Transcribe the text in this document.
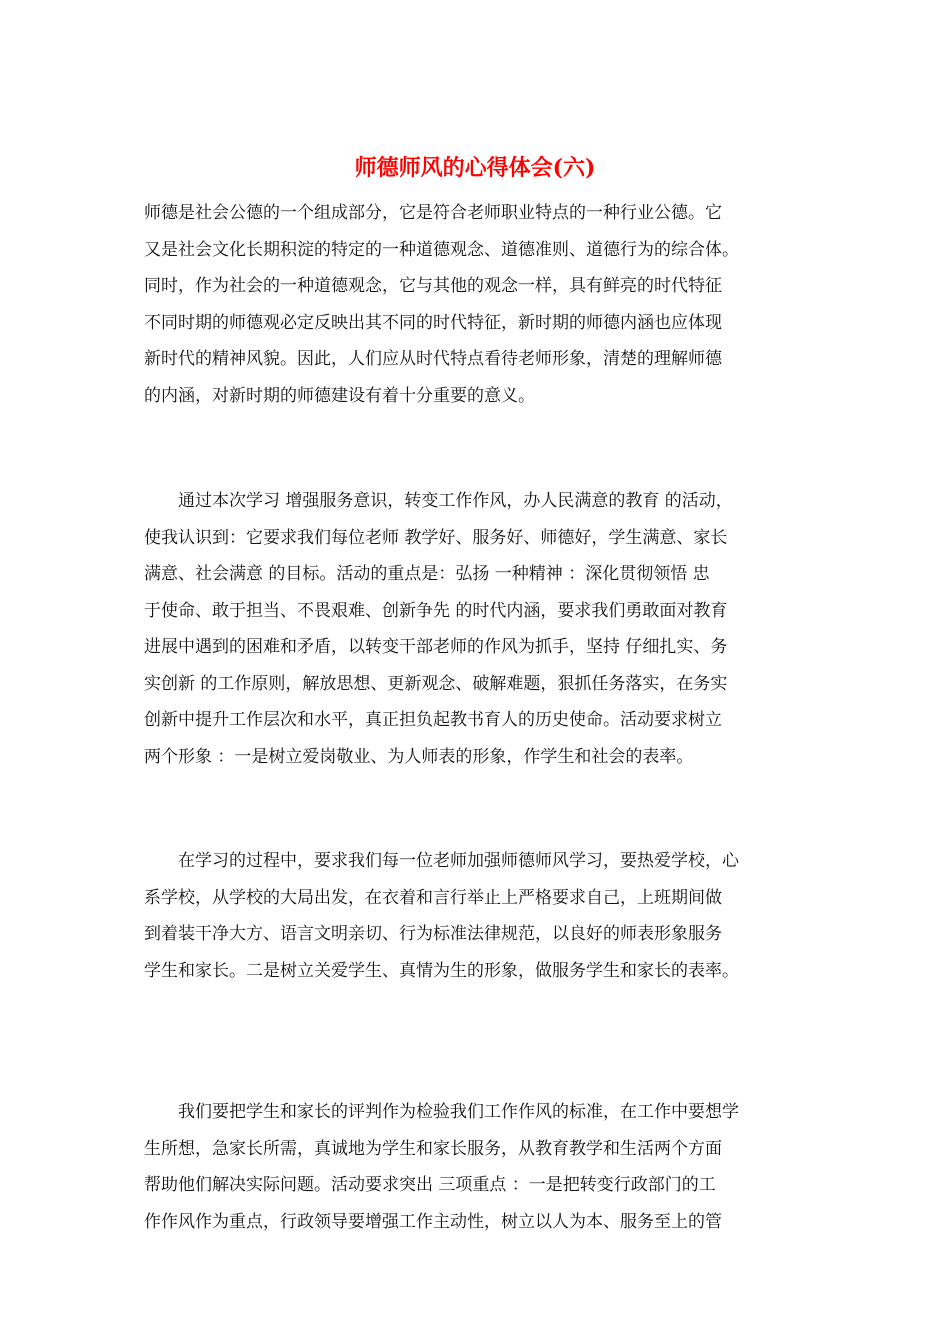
师德师风的心得体会(六)

师德是社会公德的一个组成部分，它是符合老师职业特点的一种行业公德。它
又是社会文化长期积淀的特定的一种道德观念、道德准则、道德行为的综合体。
同时，作为社会的一种道德观念，它与其他的观念一样，具有鲜亮的时代特征
不同时期的师德观必定反映出其不同的时代特征，新时期的师德内涵也应体现
新时代的精神风貌。因此，人们应从时代特点看待老师形象，清楚的理解师德
的内涵，对新时期的师德建设有着十分重要的意义。

　　通过本次学习 增强服务意识，转变工作作风，办人民满意的教育 的活动，
使我认识到：它要求我们每位老师 教学好、服务好、师德好，学生满意、家长
满意、社会满意 的目标。活动的重点是：弘扬 一种精神 ：深化贯彻领悟 忠
于使命、敢于担当、不畏艰难、创新争先 的时代内涵，要求我们勇敢面对教育
进展中遇到的困难和矛盾，以转变干部老师的作风为抓手，坚持 仔细扎实、务
实创新 的工作原则，解放思想、更新观念、破解难题，狠抓任务落实，在务实
创新中提升工作层次和水平，真正担负起教书育人的历史使命。活动要求树立
两个形象 ：一是树立爱岗敬业、为人师表的形象，作学生和社会的表率。

　　在学习的过程中，要求我们每一位老师加强师德师风学习，要热爱学校，心
系学校，从学校的大局出发，在衣着和言行举止上严格要求自己，上班期间做
到着装干净大方、语言文明亲切、行为标准法律规范，以良好的师表形象服务
学生和家长。二是树立关爱学生、真情为生的形象，做服务学生和家长的表率。

　　我们要把学生和家长的评判作为检验我们工作作风的标准，在工作中要想学
生所想，急家长所需，真诚地为学生和家长服务，从教育教学和生活两个方面
帮助他们解决实际问题。活动要求突出 三项重点 ：一是把转变行政部门的工
作作风作为重点，行政领导要增强工作主动性，树立以人为本、服务至上的管
